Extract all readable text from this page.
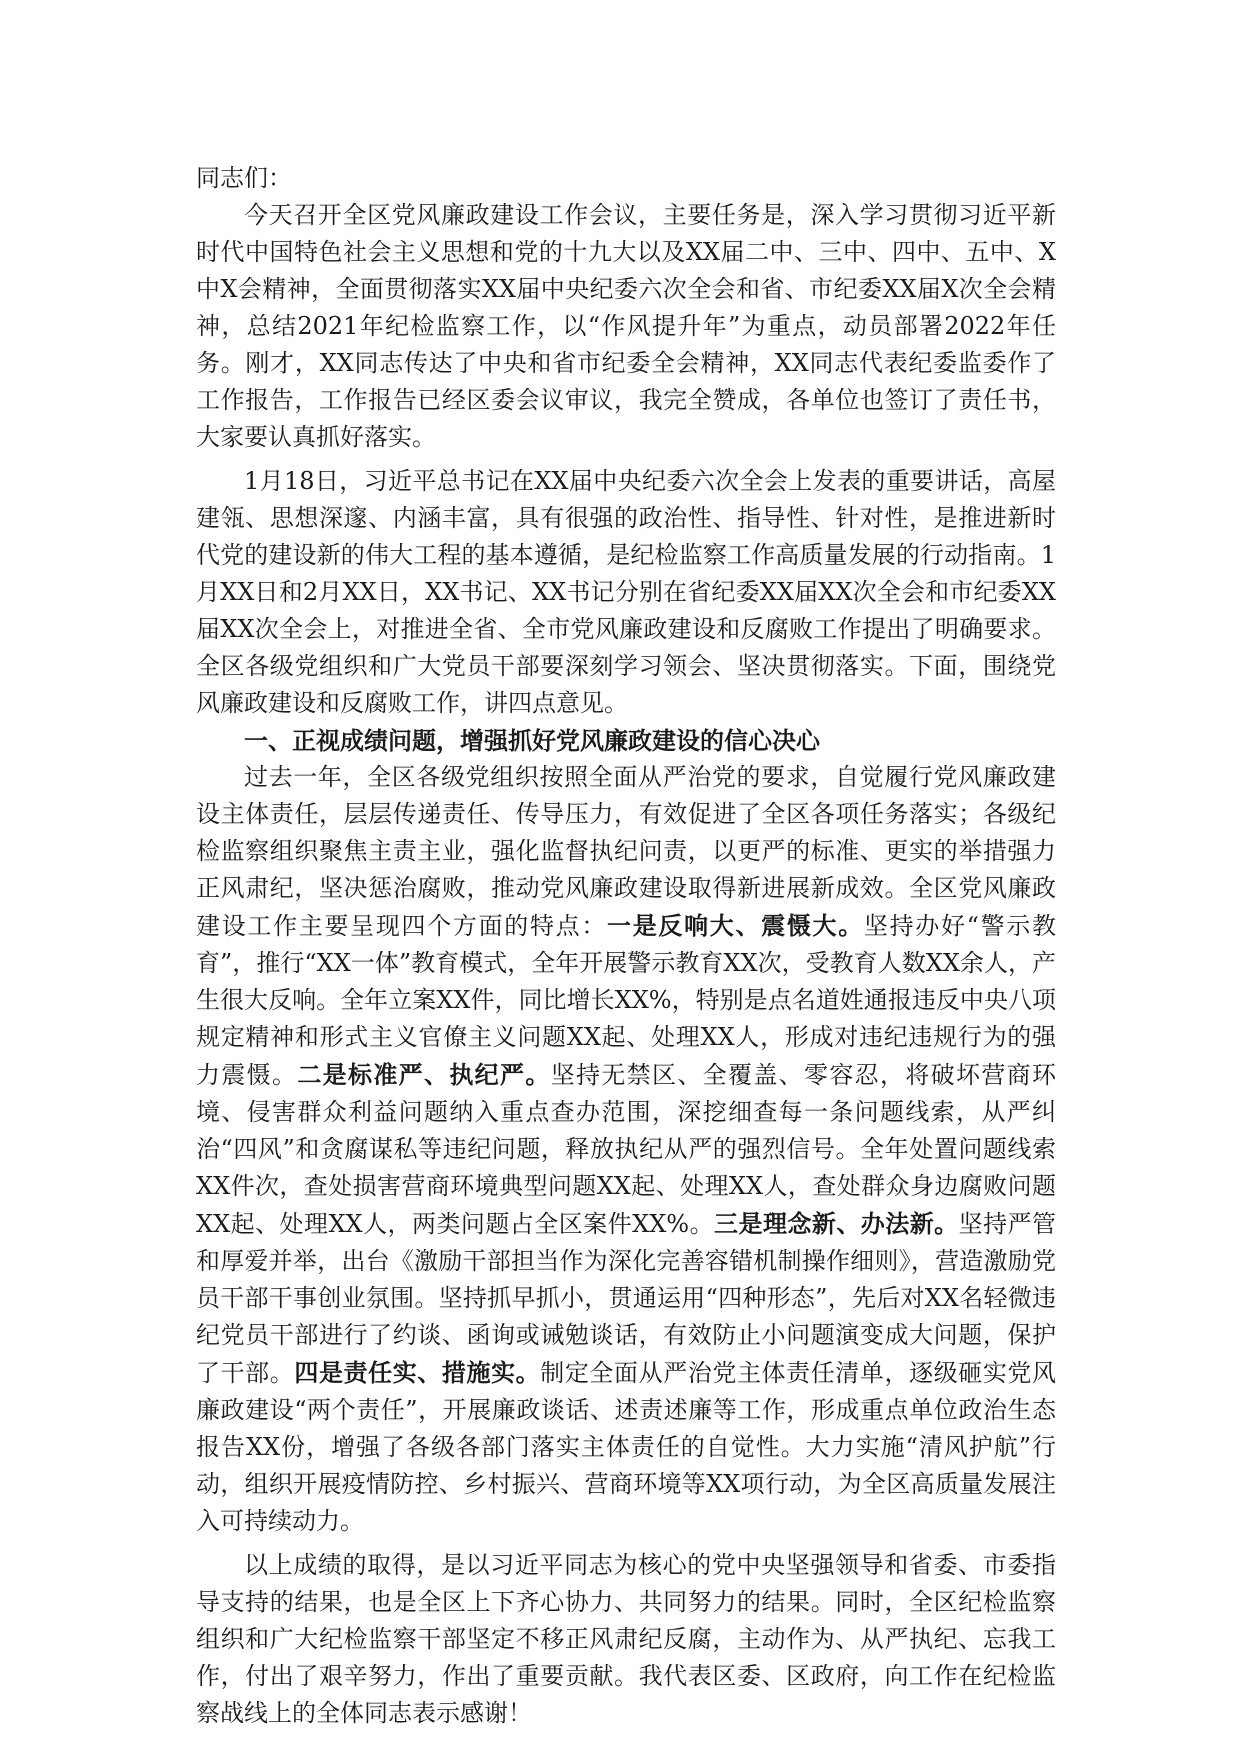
同志们：

今天召开全区党风廉政建设工作会议，主要任务是，深入学习贯彻习近平新时代中国特色社会主义思想和党的十九大以及XX届二中、三中、四中、五中、X中X会精神，全面贯彻落实XX届中央纪委六次全会和省、市纪委XX届X次全会精神，总结2021年纪检监察工作，以“作风提升年”为重点，动员部署2022年任务。刚才，XX同志传达了中央和省市纪委全会精神，XX同志代表纪委监委作了工作报告，工作报告已经区委会议审议，我完全赞成，各单位也签订了责任书，大家要认真抓好落实。

1月18日，习近平总书记在XX届中央纪委六次全会上发表的重要讲话，高屋建瓴、思想深邃、内涵丰富，具有很强的政治性、指导性、针对性，是推进新时代党的建设新的伟大工程的基本遵循，是纪检监察工作高质量发展的行动指南。1月XX日和2月XX日，XX书记、XX书记分别在省纪委XX届XX次全会和市纪委XX届XX次全会上，对推进全省、全市党风廉政建设和反腐败工作提出了明确要求。全区各级党组织和广大党员干部要深刻学习领会、坚决贯彻落实。下面，围绕党风廉政建设和反腐败工作，讲四点意见。

一、正视成绩问题，增强抓好党风廉政建设的信心决心

过去一年，全区各级党组织按照全面从严治党的要求，自觉履行党风廉政建设主体责任，层层传递责任、传导压力，有效促进了全区各项任务落实；各级纪检监察组织聚焦主责主业，强化监督执纪问责，以更严的标准、更实的举措强力正风肃纪，坚决惩治腐败，推动党风廉政建设取得新进展新成效。全区党风廉政建设工作主要呈现四个方面的特点：一是反响大、震慑大。坚持办好“警示教育”，推行“XX一体”教育模式，全年开展警示教育XX次，受教育人数XX余人，产生很大反响。全年立案XX件，同比增长XX%，特别是点名道姓通报违反中央八项规定精神和形式主义官僚主义问题XX起、处理XX人，形成对违纪违规行为的强力震慑。二是标准严、执纪严。坚持无禁区、全覆盖、零容忍，将破坏营商环境、侵害群众利益问题纳入重点查办范围，深挖细查每一条问题线索，从严纠治“四风”和贪腐谋私等违纪问题，释放执纪从严的强烈信号。全年处置问题线索XX件次，查处损害营商环境典型问题XX起、处理XX人，查处群众身边腐败问题XX起、处理XX人，两类问题占全区案件XX%。三是理念新、办法新。坚持严管和厚爱并举，出台《激励干部担当作为深化完善容错机制操作细则》，营造激励党员干部干事创业氛围。坚持抓早抓小，贯通运用“四种形态”，先后对XX名轻微违纪党员干部进行了约谈、函询或诫勉谈话，有效防止小问题演变成大问题，保护了干部。四是责任实、措施实。制定全面从严治党主体责任清单，逐级砸实党风廉政建设“两个责任”，开展廉政谈话、述责述廉等工作，形成重点单位政治生态报告XX份，增强了各级各部门落实主体责任的自觉性。大力实施“清风护航”行动，组织开展疫情防控、乡村振兴、营商环境等XX项行动，为全区高质量发展注入可持续动力。

以上成绩的取得，是以习近平同志为核心的党中央坚强领导和省委、市委指导支持的结果，也是全区上下齐心协力、共同努力的结果。同时，全区纪检监察组织和广大纪检监察干部坚定不移正风肃纪反腐，主动作为、从严执纪、忘我工作，付出了艰辛努力，作出了重要贡献。我代表区委、区政府，向工作在纪检监察战线上的全体同志表示感谢！
